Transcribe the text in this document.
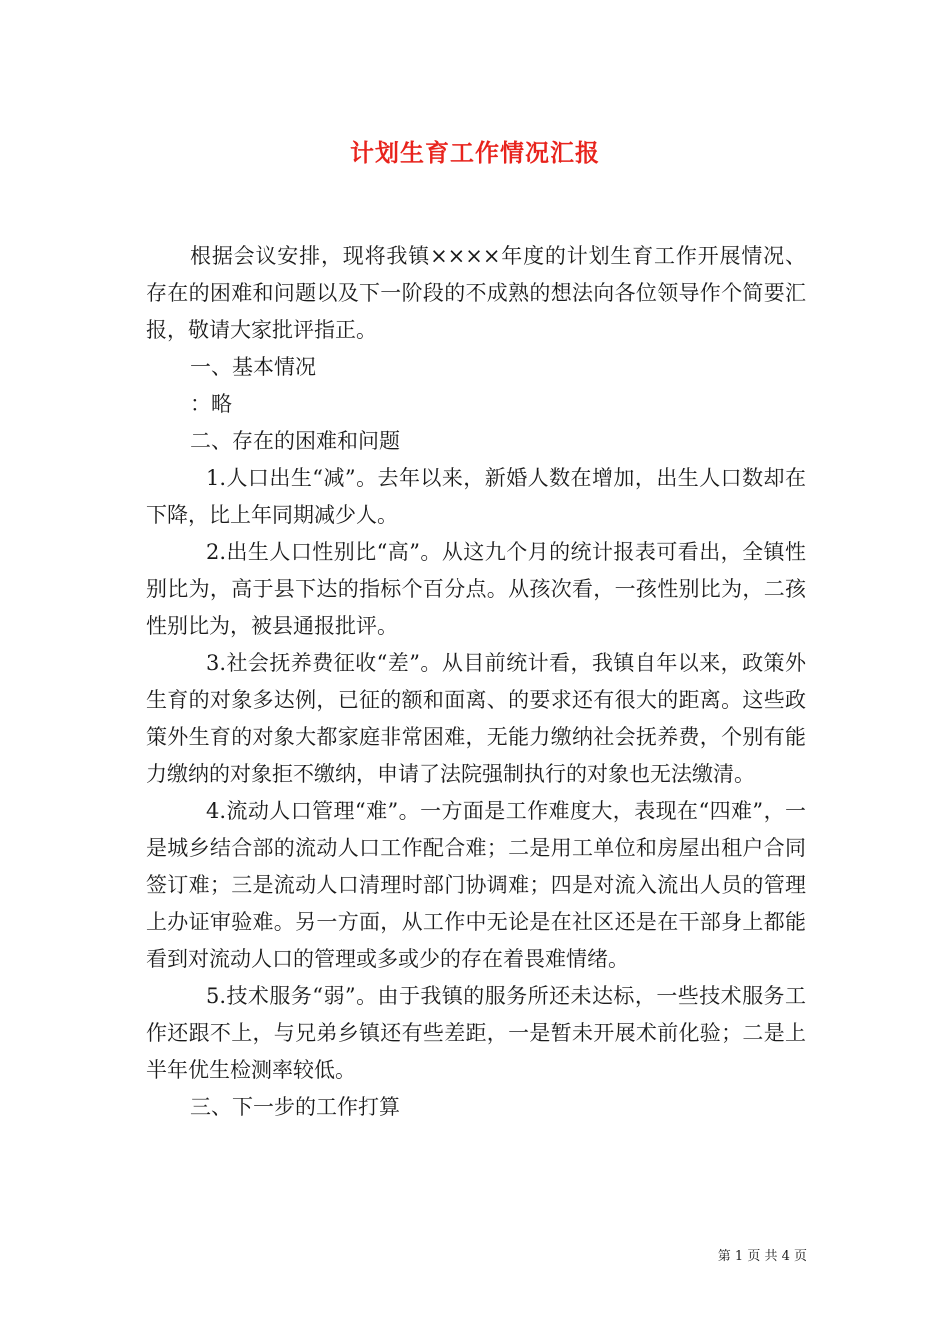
计划生育工作情况汇报

根据会议安排，现将我镇××××年度的计划生育工作开展情况、存在的困难和问题以及下一阶段的不成熟的想法向各位领导作个简要汇报，敬请大家批评指正。

一、基本情况

：略

二、存在的困难和问题

1.人口出生“减”。去年以来，新婚人数在增加，出生人口数却在下降，比上年同期减少人。

2.出生人口性别比“高”。从这九个月的统计报表可看出，全镇性别比为，高于县下达的指标个百分点。从孩次看，一孩性别比为，二孩性别比为，被县通报批评。

3.社会抚养费征收“差”。从目前统计看，我镇自年以来，政策外生育的对象多达例，已征的额和面离、的要求还有很大的距离。这些政策外生育的对象大都家庭非常困难，无能力缴纳社会抚养费，个别有能力缴纳的对象拒不缴纳，申请了法院强制执行的对象也无法缴清。

4.流动人口管理“难”。一方面是工作难度大，表现在“四难”，一是城乡结合部的流动人口工作配合难；二是用工单位和房屋出租户合同签订难；三是流动人口清理时部门协调难；四是对流入流出人员的管理上办证审验难。另一方面，从工作中无论是在社区还是在干部身上都能看到对流动人口的管理或多或少的存在着畏难情绪。

5.技术服务“弱”。由于我镇的服务所还未达标，一些技术服务工作还跟不上，与兄弟乡镇还有些差距，一是暂未开展术前化验；二是上半年优生检测率较低。

三、下一步的工作打算

第 1 页 共 4 页
